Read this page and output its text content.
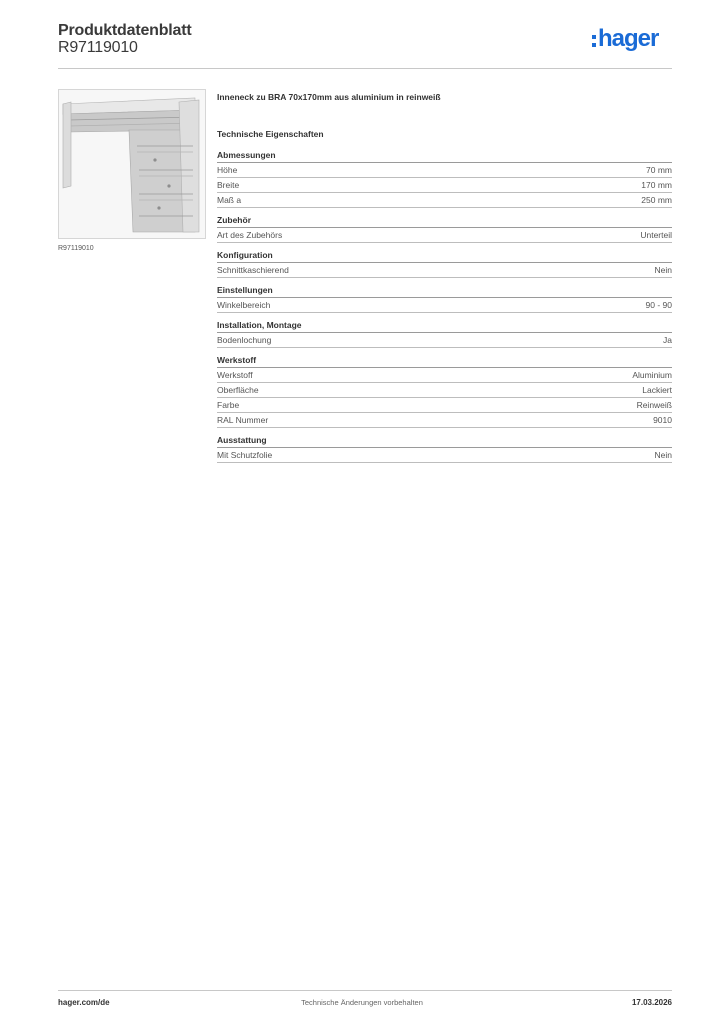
Produktdatenblatt
R97119010	hager
R97119010
Inneneck zu BRA 70x170mm aus aluminium in reinweiß
Technische Eigenschaften
Abmessungen
Höhe	70 mm
Breite	170 mm
Maß a	250 mm
Zubehör
Art des Zubehörs	Unterteil
Konfiguration
Schnittkaschierend	Nein
Einstellungen
Winkelbereich	90 - 90
Installation, Montage
Bodenlochung	Ja
Werkstoff
Werkstoff	Aluminium
Oberfläche	Lackiert
Farbe	Reinweiß
RAL Nummer	9010
Ausstattung
Mit Schutzfolie	Nein
hager.com/de	Technische Änderungen vorbehalten	17.03.2026
